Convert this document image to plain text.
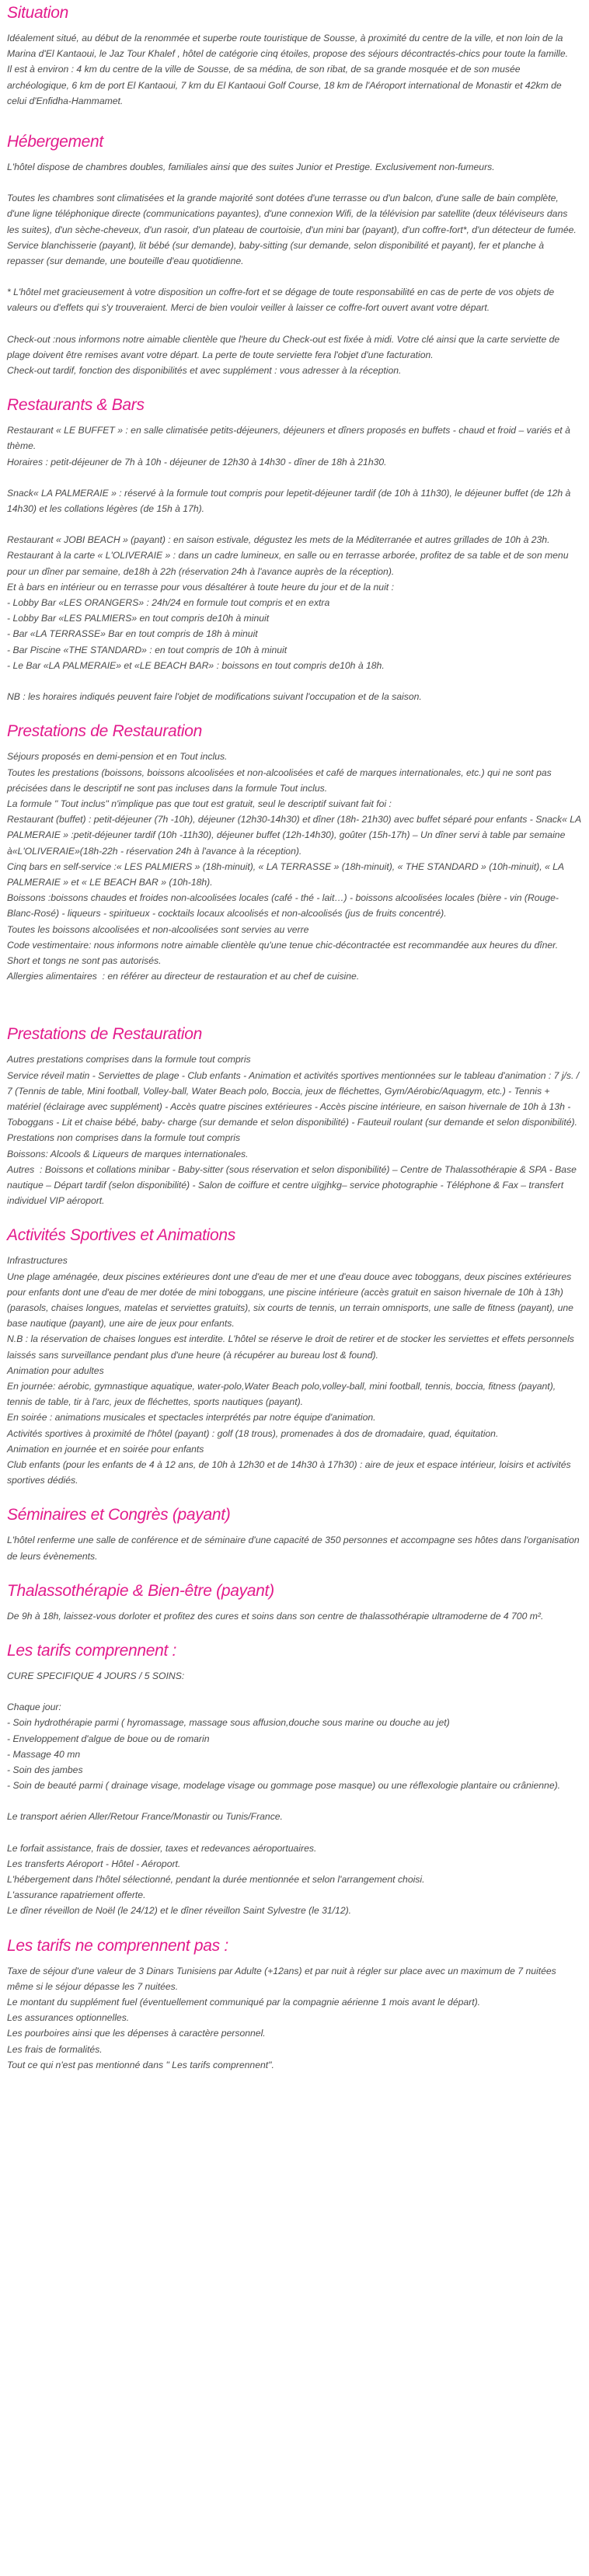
Situation

Idéalement situé, au début de la renommée et superbe route touristique de Sousse, à proximité du centre de la ville, et non loin de la Marina d'El Kantaoui, le Jaz Tour Khalef , hôtel de catégorie cinq étoiles, propose des séjours décontractés-chics pour toute la famille.
Il est à environ : 4 km du centre de la ville de Sousse, de sa médina, de son ribat, de sa grande mosquée et de son musée archéologique, 6 km de port El Kantaoui, 7 km du El Kantaoui Golf Course, 18 km de l'Aéroport international de Monastir et 42km de celui d'Enfidha-Hammamet.

Hébergement

L'hôtel dispose de chambres doubles, familiales ainsi que des suites Junior et Prestige. Exclusivement non-fumeurs.

Toutes les chambres sont climatisées et la grande majorité sont dotées d'une terrasse ou d'un balcon, d'une salle de bain complète, d'une ligne téléphonique directe (communications payantes), d'une connexion Wifi, de la télévision par satellite (deux téléviseurs dans les suites), d'un sèche-cheveux, d'un rasoir, d'un plateau de courtoisie, d'un mini bar (payant), d'un coffre-fort*, d'un détecteur de fumée. Service blanchisserie (payant), lit bébé (sur demande), baby-sitting (sur demande, selon disponibilité et payant), fer et planche à repasser (sur demande, une bouteille d'eau quotidienne.

* L'hôtel met gracieusement à votre disposition un coffre-fort et se dégage de toute responsabilité en cas de perte de vos objets de valeurs ou d'effets qui s'y trouveraient. Merci de bien vouloir veiller à laisser ce coffre-fort ouvert avant votre départ.

Check-out :nous informons notre aimable clientèle que l'heure du Check-out est fixée à midi. Votre clé ainsi que la carte serviette de plage doivent être remises avant votre départ. La perte de toute serviette fera l'objet d'une facturation.
Check-out tardif, fonction des disponibilités et avec supplément : vous adresser à la réception.

Restaurants & Bars

Restaurant « LE BUFFET » : en salle climatisée petits-déjeuners, déjeuners et dîners proposés en buffets - chaud et froid – variés et à thème.
Horaires : petit-déjeuner de 7h à 10h - déjeuner de 12h30 à 14h30 - dîner de 18h à 21h30.

Snack« LA PALMERAIE » : réservé à la formule tout compris pour lepetit-déjeuner tardif (de 10h à 11h30), le déjeuner buffet (de 12h à 14h30) et les collations légères (de 15h à 17h).

Restaurant « JOBI BEACH » (payant) : en saison estivale, dégustez les mets de la Méditerranée et autres grillades de 10h à 23h.
Restaurant à la carte « L'OLIVERAIE » : dans un cadre lumineux, en salle ou en terrasse arborée, profitez de sa table et de son menu pour un dîner par semaine, de18h à 22h (réservation 24h à l'avance auprès de la réception).
Et à bars en intérieur ou en terrasse pour vous désaltérer à toute heure du jour et de la nuit :
- Lobby Bar «LES ORANGERS» : 24h/24 en formule tout compris et en extra
- Lobby Bar «LES PALMIERS» en tout compris de10h à minuit
- Bar «LA TERRASSE» Bar en tout compris de 18h à minuit
- Bar Piscine «THE STANDARD» : en tout compris de 10h à minuit
- Le Bar «LA PALMERAIE» et «LE BEACH BAR» : boissons en tout compris de10h à 18h.

NB : les horaires indiqués peuvent faire l'objet de modifications suivant l'occupation et de la saison.

Prestations de Restauration

Séjours proposés en demi-pension et en Tout inclus.
Toutes les prestations (boissons, boissons alcoolisées et non-alcoolisées et café de marques internationales, etc.) qui ne sont pas précisées dans le descriptif ne sont pas incluses dans la formule Tout inclus.
La formule " Tout inclus" n'implique pas que tout est gratuit, seul le descriptif suivant fait foi :
Restaurant (buffet) : petit-déjeuner (7h -10h), déjeuner (12h30-14h30) et dîner (18h- 21h30) avec buffet séparé pour enfants - Snack« LA PALMERAIE » :petit-déjeuner tardif (10h -11h30), déjeuner buffet (12h-14h30), goûter (15h-17h) – Un dîner servi à table par semaine à«L'OLIVERAIE»(18h-22h - réservation 24h à l'avance à la réception).
Cinq bars en self-service :« LES PALMIERS » (18h-minuit), « LA TERRASSE » (18h-minuit), « THE STANDARD » (10h-minuit), « LA PALMERAIE » et « LE BEACH BAR » (10h-18h).
Boissons :boissons chaudes et froides non-alcoolisées locales (café - thé - lait…) - boissons alcoolisées locales (bière - vin (Rouge-Blanc-Rosé) - liqueurs - spiritueux - cocktails locaux alcoolisés et non-alcoolisés (jus de fruits concentré).
Toutes les boissons alcoolisées et non-alcoolisées sont servies au verre
Code vestimentaire: nous informons notre aimable clientèle qu'une tenue chic-décontractée est recommandée aux heures du dîner. Short et tongs ne sont pas autorisés.
Allergies alimentaires  : en référer au directeur de restauration et au chef de cuisine.

Prestations de Restauration

Autres prestations comprises dans la formule tout compris
Service réveil matin - Serviettes de plage - Club enfants - Animation et activités sportives mentionnées sur le tableau d'animation : 7 j/s. / 7 (Tennis de table, Mini football, Volley-ball, Water Beach polo, Boccia, jeux de fléchettes, Gym/Aérobic/Aquagym, etc.) - Tennis + matériel (éclairage avec supplément) - Accès quatre piscines extérieures - Accès piscine intérieure, en saison hivernale de 10h à 13h - Toboggans - Lit et chaise bébé, baby- charge (sur demande et selon disponibilité) - Fauteuil roulant (sur demande et selon disponibilité).
Prestations non comprises dans la formule tout compris
Boissons: Alcools & Liqueurs de marques internationales.
Autres  : Boissons et collations minibar - Baby-sitter (sous réservation et selon disponibilité) – Centre de Thalassothérapie & SPA - Base nautique – Départ tardif (selon disponibilité) - Salon de coiffure et centre uïgjhkg– service photographie - Téléphone & Fax – transfert individuel VIP aéroport.

Activités Sportives et Animations

Infrastructures
Une plage aménagée, deux piscines extérieures dont une d'eau de mer et une d'eau douce avec toboggans, deux piscines extérieures pour enfants dont une d'eau de mer dotée de mini toboggans, une piscine intérieure (accès gratuit en saison hivernale de 10h à 13h) (parasols, chaises longues, matelas et serviettes gratuits), six courts de tennis, un terrain omnisports, une salle de fitness (payant), une base nautique (payant), une aire de jeux pour enfants.
N.B : la réservation de chaises longues est interdite. L'hôtel se réserve le droit de retirer et de stocker les serviettes et effets personnels laissés sans surveillance pendant plus d'une heure (à récupérer au bureau lost & found).
Animation pour adultes
En journée: aérobic, gymnastique aquatique, water-polo,Water Beach polo,volley-ball, mini football, tennis, boccia, fitness (payant), tennis de table, tir à l'arc, jeux de fléchettes, sports nautiques (payant).
En soirée : animations musicales et spectacles interprétés par notre équipe d'animation.
Activités sportives à proximité de l'hôtel (payant) : golf (18 trous), promenades à dos de dromadaire, quad, équitation.
Animation en journée et en soirée pour enfants
Club enfants (pour les enfants de 4 à 12 ans, de 10h à 12h30 et de 14h30 à 17h30) : aire de jeux et espace intérieur, loisirs et activités sportives dédiés.

Séminaires et Congrès (payant)

L'hôtel renferme une salle de conférence et de séminaire d'une capacité de 350 personnes et accompagne ses hôtes dans l'organisation de leurs évènements.

Thalassothérapie & Bien-être (payant)

De 9h à 18h, laissez-vous dorloter et profitez des cures et soins dans son centre de thalassothérapie ultramoderne de 4 700 m².

Les tarifs comprennent :

CURE SPECIFIQUE 4 JOURS / 5 SOINS:

Chaque jour:
- Soin hydrothérapie parmi ( hyromassage, massage sous affusion,douche sous marine ou douche au jet)
- Enveloppement d'algue de boue ou de romarin
- Massage 40 mn
- Soin des jambes
- Soin de beauté parmi ( drainage visage, modelage visage ou gommage pose masque) ou une réflexologie plantaire ou crânienne).

Le transport aérien Aller/Retour France/Monastir ou Tunis/France.

Le forfait assistance, frais de dossier, taxes et redevances aéroportuaires.
Les transferts Aéroport - Hôtel - Aéroport.
L'hébergement dans l'hôtel sélectionné, pendant la durée mentionnée et selon l'arrangement choisi.
L'assurance rapatriement offerte.
Le dîner réveillon de Noël (le 24/12) et le dîner réveillon Saint Sylvestre (le 31/12).

Les tarifs ne comprennent pas :

Taxe de séjour d'une valeur de 3 Dinars Tunisiens par Adulte (+12ans) et par nuit à régler sur place avec un maximum de 7 nuitées même si le séjour dépasse les 7 nuitées.
Le montant du supplément fuel (éventuellement communiqué par la compagnie aérienne 1 mois avant le départ).
Les assurances optionnelles.
Les pourboires ainsi que les dépenses à caractère personnel.
Les frais de formalités.
Tout ce qui n'est pas mentionné dans " Les tarifs comprennent".
